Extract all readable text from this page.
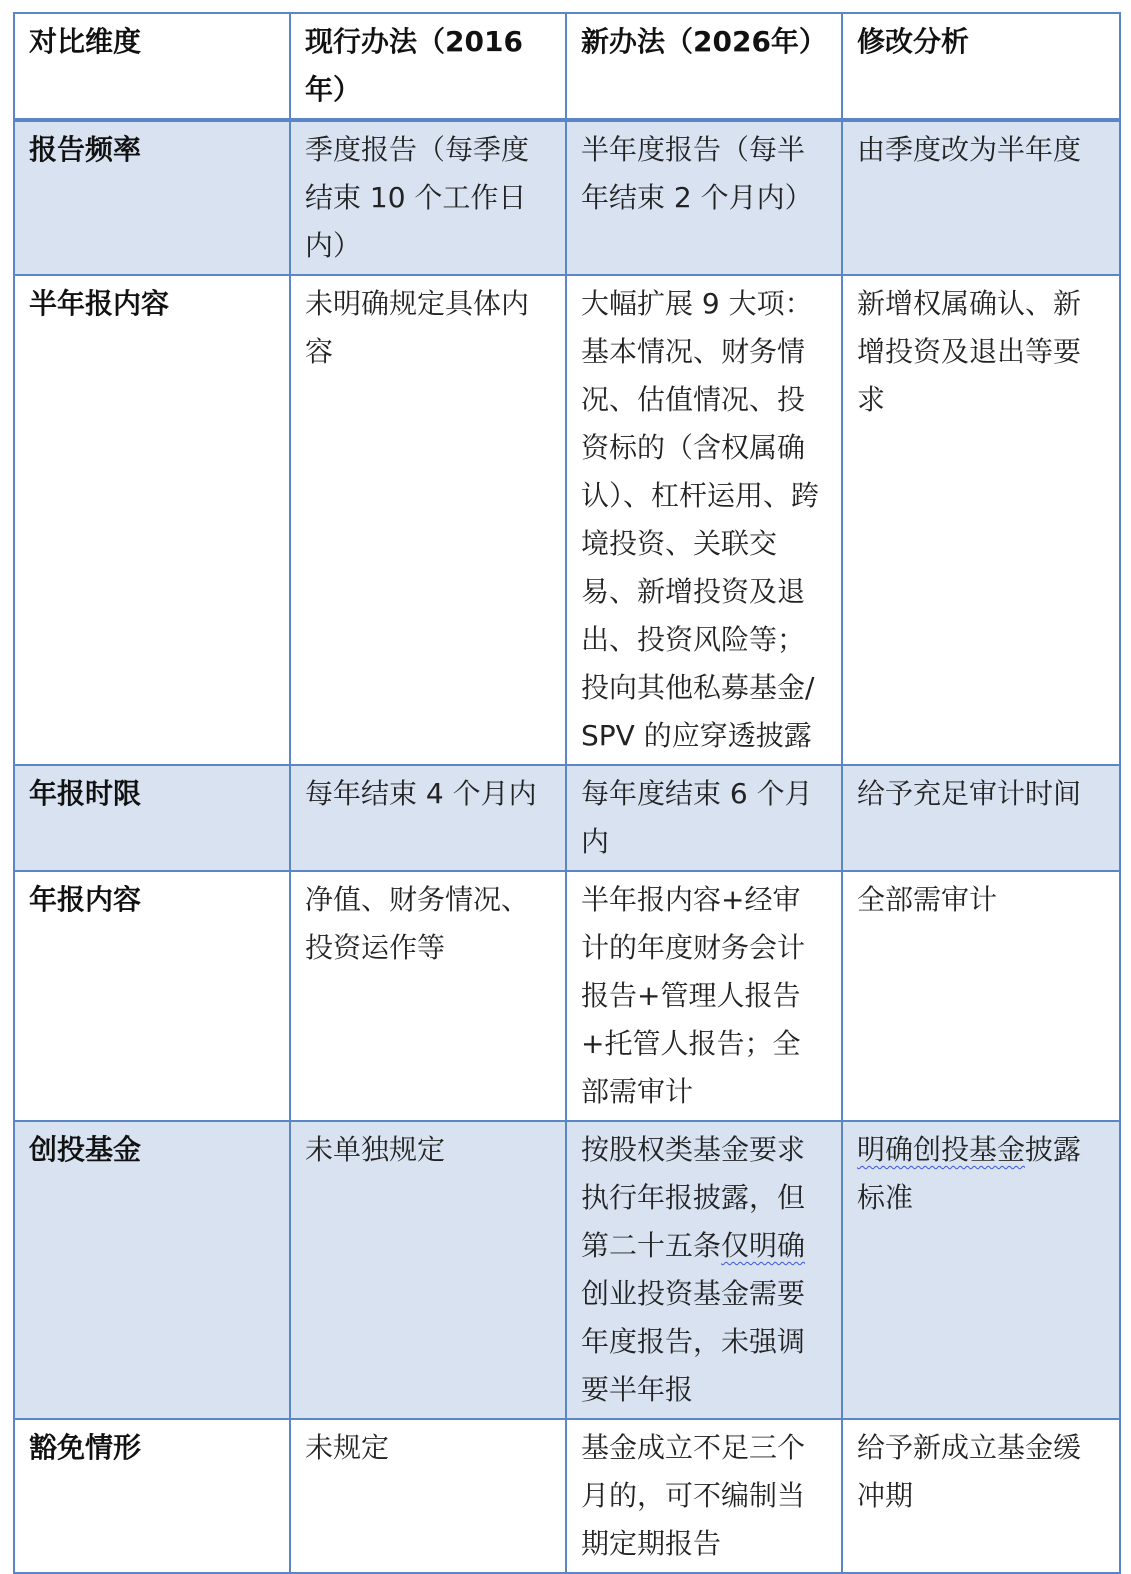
对比维度	现行办法（2016年）	新办法（2026年）	修改分析
报告频率	季度报告（每季度结束 10 个工作日内）	半年度报告（每半年结束 2 个月内）	由季度改为半年度
半年报内容	未明确规定具体内容	大幅扩展 9 大项：基本情况、财务情况、估值情况、投资标的（含权属确认）、杠杆运用、跨境投资、关联交易、新增投资及退出、投资风险等；投向其他私募基金/SPV 的应穿透披露	新增权属确认、新增投资及退出等要求
年报时限	每年结束 4 个月内	每年度结束 6 个月内	给予充足审计时间
年报内容	净值、财务情况、投资运作等	半年报内容+经审计的年度财务会计报告+管理人报告+托管人报告；全部需审计	全部需审计
创投基金	未单独规定	按股权类基金要求执行年报披露，但第二十五条仅明确创业投资基金需要年度报告，未强调要半年报	明确创投基金披露标准
豁免情形	未规定	基金成立不足三个月的，可不编制当期定期报告	给予新成立基金缓冲期
